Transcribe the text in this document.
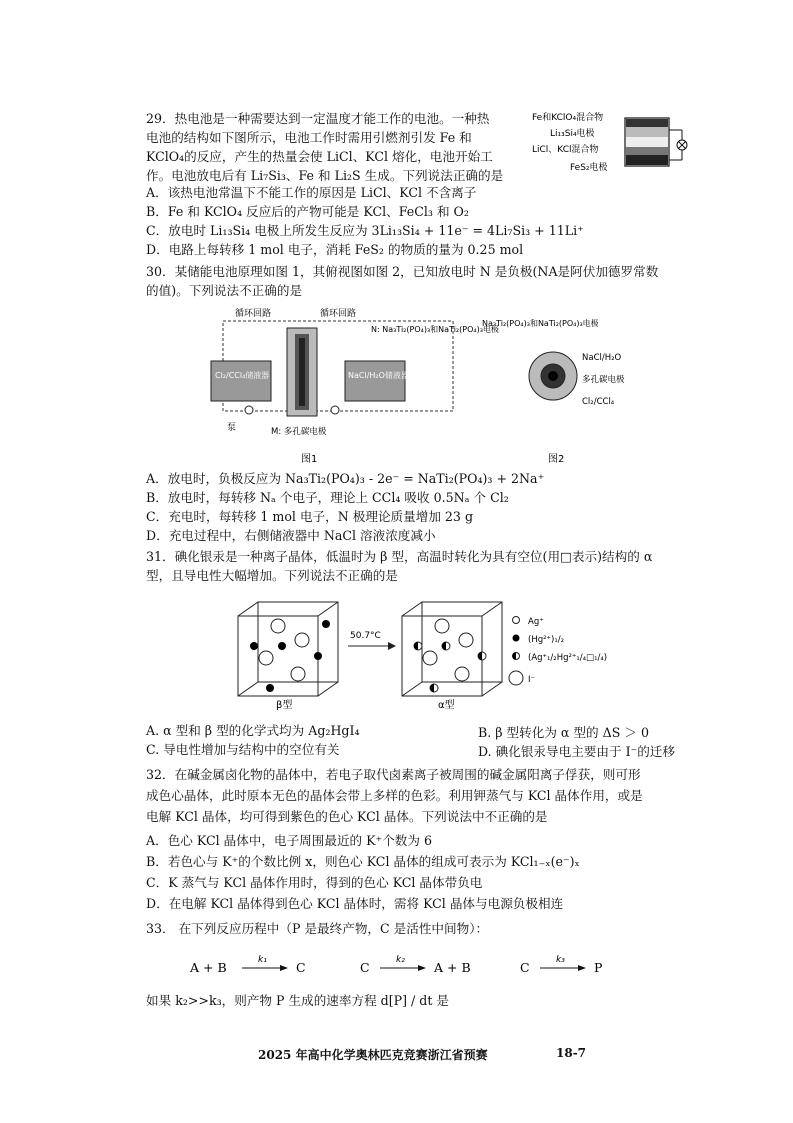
29．热电池是一种需要达到一定温度才能工作的电池。一种热
电池的结构如下图所示，电池工作时需用引燃剂引发 Fe 和
KClO₄的反应，产生的热量会使 LiCl、KCl 熔化，电池开始工
作。电池放电后有 Li₇Si₃、Fe 和 Li₂S 生成。下列说法正确的是
Fe和KClO₄混合物
Li₁₃Si₄电极
LiCl、KCl混合物
FeS₂电极
A．该热电池常温下不能工作的原因是 LiCl、KCl 不含离子
B．Fe 和 KClO₄ 反应后的产物可能是 KCl、FeCl₃ 和 O₂
C．放电时 Li₁₃Si₄ 电极上所发生反应为 3Li₁₃Si₄ + 11e⁻ = 4Li₇Si₃ + 11Li⁺
D．电路上每转移 1 mol 电子，消耗 FeS₂ 的物质的量为 0.25 mol
30．某储能电池原理如图 1，其俯视图如图 2，已知放电时 N 是负极(NA是阿伏加德罗常数
的值)。下列说法不正确的是
循环回路	循环回路
Cl₂/CCl₄储液器	NaCl/H₂O储液器
泵	M: 多孔碳电极
图1
N: Na₃Ti₂(PO₄)₃和NaTi₂(PO₄)₃电极
Na₃Ti₂(PO₄)₃和NaTi₂(PO₄)₃电极
NaCl/H₂O
多孔碳电极
Cl₂/CCl₄
图2
A．放电时，负极反应为 Na₃Ti₂(PO₄)₃ - 2e⁻ = NaTi₂(PO₄)₃ + 2Na⁺
B．放电时，每转移 Nₐ 个电子，理论上 CCl₄ 吸收 0.5Nₐ 个 Cl₂
C．充电时，每转移 1 mol 电子，N 极理论质量增加 23 g
D．充电过程中，右侧储液器中 NaCl 溶液浓度减小
31．碘化银汞是一种离子晶体，低温时为 β 型，高温时转化为具有空位(用□表示)结构的 α
型，且导电性大幅增加。下列说法不正确的是
β型
50.7°C
α型
Ag⁺
(Hg²⁺)₁/₂
(Ag⁺₁/₂Hg²⁺₁/₄□₁/₄)
I⁻
A. α 型和 β 型的化学式均为 Ag₂HgI₄	B. β 型转化为 α 型的 ΔS ＞ 0
C. 导电性增加与结构中的空位有关	D. 碘化银汞导电主要由于 I⁻的迁移
32．在碱金属卤化物的晶体中，若电子取代卤素离子被周围的碱金属阳离子俘获，则可形
成色心晶体，此时原本无色的晶体会带上多样的色彩。利用钾蒸气与 KCl 晶体作用，或是
电解 KCl 晶体，均可得到紫色的色心 KCl 晶体。下列说法中不正确的是
A．色心 KCl 晶体中，电子周围最近的 K⁺个数为 6
B．若色心与 K⁺的个数比例 x，则色心 KCl 晶体的组成可表示为 KCl₁₋ₓ(e⁻)ₓ
C．K 蒸气与 KCl 晶体作用时，得到的色心 KCl 晶体带负电
D．在电解 KCl 晶体得到色心 KCl 晶体时，需将 KCl 晶体与电源负极相连
33． 在下列反应历程中（P 是最终产物，C 是活性中间物）：
A + B	k₁ C	C	k₂ A + B	C	k₃ P
如果 k₂>>k₃，则产物 P 生成的速率方程 d[P] / dt 是
2025 年高中化学奥林匹克竞赛浙江省预赛	18-7
